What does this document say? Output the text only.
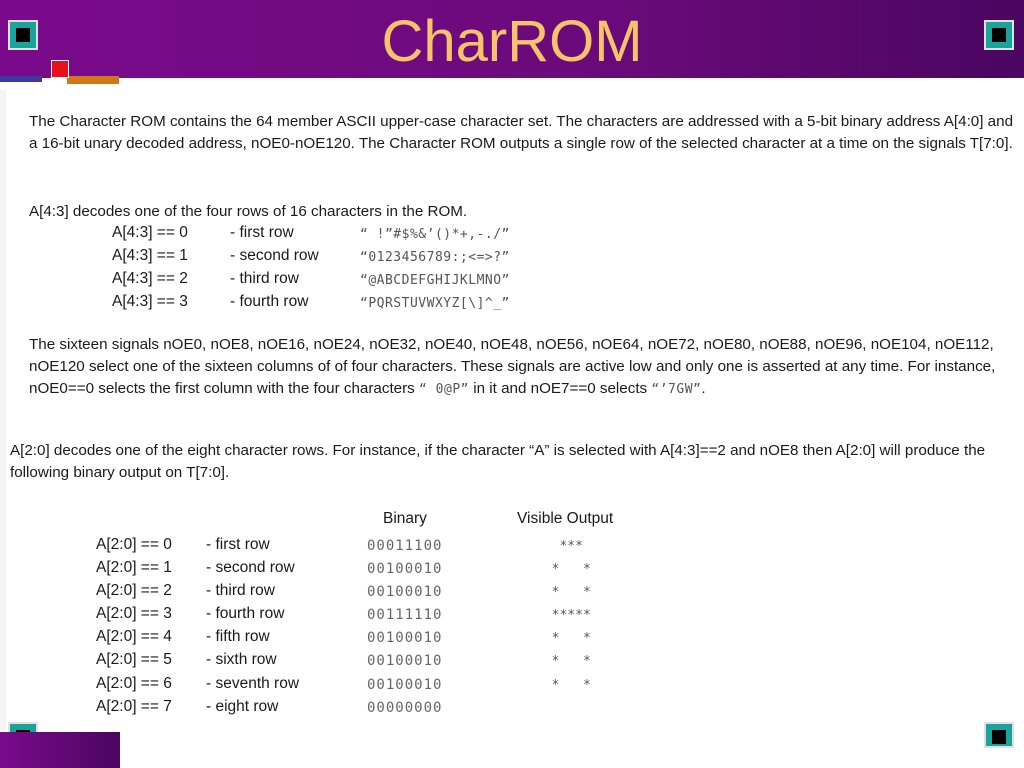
CharROM

The Character ROM contains the 64 member ASCII upper-case character set. The characters are addressed with a 5-bit binary address A[4:0] and a 16-bit unary decoded address, nOE0-nOE120. The Character ROM outputs a single row of the selected character at a time on the signals T[7:0].

A[4:3] decodes one of the four rows of 16 characters in the ROM.

A[4:3] == 0	- first row	“ !”#$%&’()*+,-./”
A[4:3] == 1	- second row	“0123456789:;<=>?”
A[4:3] == 2	- third row	“@ABCDEFGHIJKLMNO”
A[4:3] == 3	- fourth row	“PQRSTUVWXYZ[\]^_”

The sixteen signals nOE0, nOE8, nOE16, nOE24, nOE32, nOE40, nOE48, nOE56, nOE64, nOE72, nOE80, nOE88, nOE96, nOE104, nOE112, nOE120 select one of the sixteen columns of of four characters. These signals are active low and only one is asserted at any time. For instance, nOE0==0 selects the first column with the four characters “ 0@P” in it and nOE7==0 selects “’7GW”.

A[2:0] decodes one of the eight character rows. For instance, if the character “A” is selected with A[4:3]==2 and nOE8 then A[2:0] will produce the following binary output on T[7:0].

Binary	Visible Output
A[2:0] == 0 - first row	00011100	***
A[2:0] == 1 - second row	00100010	*   *
A[2:0] == 2 - third row	00100010	*   *
A[2:0] == 3 - fourth row	00111110	*****
A[2:0] == 4 - fifth row	00100010	*   *
A[2:0] == 5 - sixth row	00100010	*   *
A[2:0] == 6 - seventh row	00100010	*   *
A[2:0] == 7 - eight row	00000000
